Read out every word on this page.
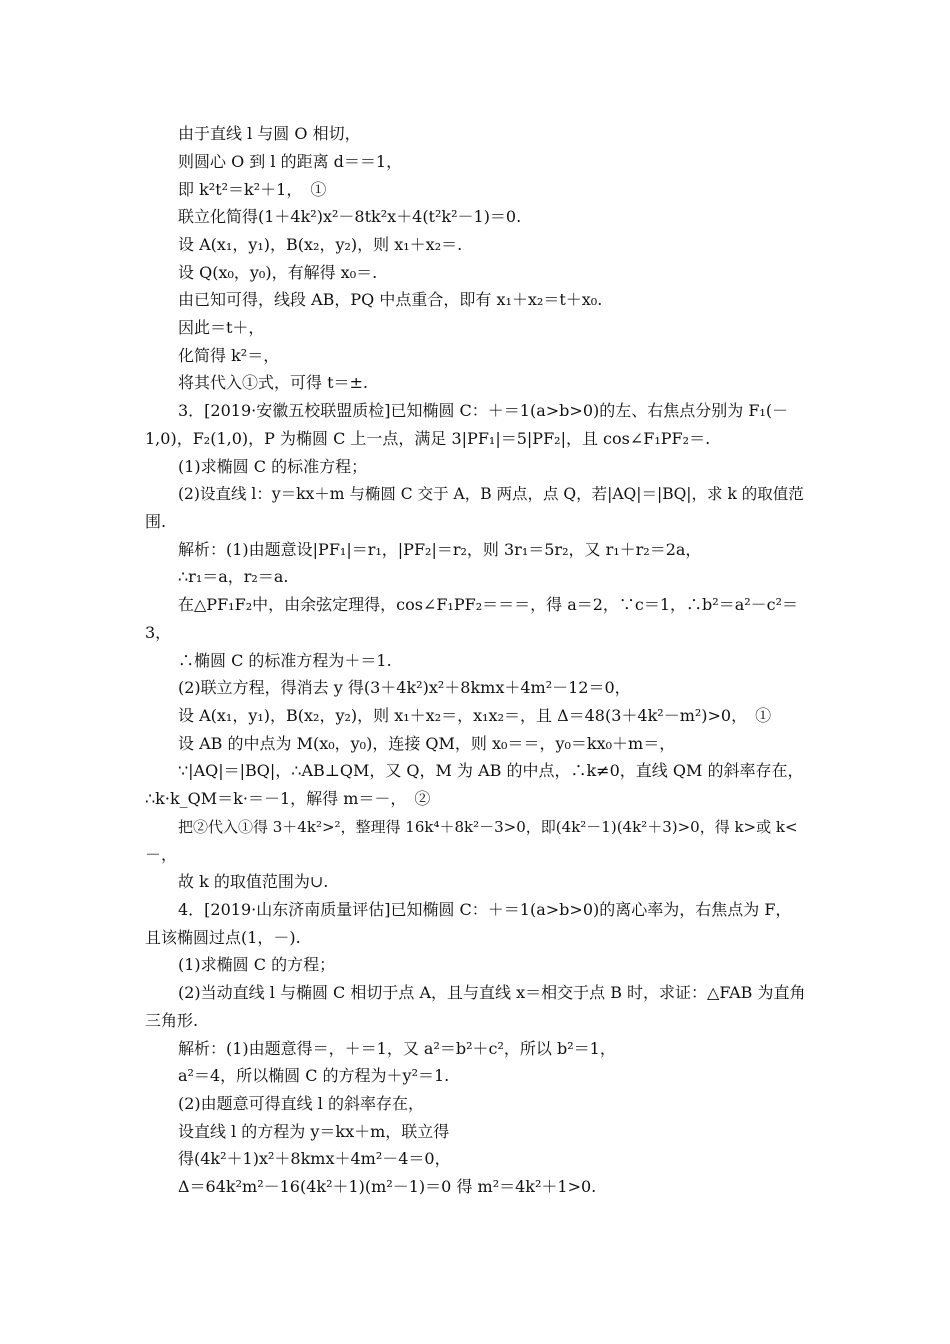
由于直线 l 与圆 O 相切，
则圆心 O 到 l 的距离 d＝＝1，
即 k²t²＝k²＋1，　①
联立化简得(1＋4k²)x²－8tk²x＋4(t²k²－1)＝0.
设 A(x₁，y₁)，B(x₂，y₂)，则 x₁＋x₂＝.
设 Q(x₀，y₀)，有解得 x₀＝.
由已知可得，线段 AB，PQ 中点重合，即有 x₁＋x₂＝t＋x₀.
因此＝t＋，
化简得 k²＝，
将其代入①式，可得 t＝±.
3．[2019·安徽五校联盟质检]已知椭圆 C：＋＝1(a>b>0)的左、右焦点分别为 F₁(－
1,0)，F₂(1,0)，P 为椭圆 C 上一点，满足 3|PF₁|＝5|PF₂|，且 cos∠F₁PF₂＝.
(1)求椭圆 C 的标准方程；
(2)设直线 l：y＝kx＋m 与椭圆 C 交于 A，B 两点，点 Q，若|AQ|＝|BQ|，求 k 的取值范
围.
解析：(1)由题意设|PF₁|＝r₁，|PF₂|＝r₂，则 3r₁＝5r₂，又 r₁＋r₂＝2a，
∴r₁＝a，r₂＝a.
在△PF₁F₂中，由余弦定理得，cos∠F₁PF₂＝＝＝，得 a＝2，∵c＝1，∴b²＝a²－c²＝
3，
∴椭圆 C 的标准方程为＋＝1.
(2)联立方程，得消去 y 得(3＋4k²)x²＋8kmx＋4m²－12＝0，
设 A(x₁，y₁)，B(x₂，y₂)，则 x₁＋x₂＝，x₁x₂＝，且 Δ＝48(3＋4k²－m²)>0，　①
设 AB 的中点为 M(x₀，y₀)，连接 QM，则 x₀＝＝，y₀＝kx₀＋m＝，
∵|AQ|＝|BQ|，∴AB⊥QM，又 Q，M 为 AB 的中点，∴k≠0，直线 QM 的斜率存在，
∴k·k_QM＝k·＝－1，解得 m＝－，　②
把②代入①得 3＋4k²>²，整理得 16k⁴＋8k²－3>0，即(4k²－1)(4k²＋3)>0，得 k>或 k<
－，
故 k 的取值范围为∪.
4．[2019·山东济南质量评估]已知椭圆 C：＋＝1(a>b>0)的离心率为，右焦点为 F，
且该椭圆过点(1，－).
(1)求椭圆 C 的方程；
(2)当动直线 l 与椭圆 C 相切于点 A，且与直线 x＝相交于点 B 时，求证：△FAB 为直角
三角形.
解析：(1)由题意得＝，＋＝1，又 a²＝b²＋c²，所以 b²＝1，
a²＝4，所以椭圆 C 的方程为＋y²＝1.
(2)由题意可得直线 l 的斜率存在，
设直线 l 的方程为 y＝kx＋m，联立得
得(4k²＋1)x²＋8kmx＋4m²－4＝0，
Δ＝64k²m²－16(4k²＋1)(m²－1)＝0 得 m²＝4k²＋1>0.
